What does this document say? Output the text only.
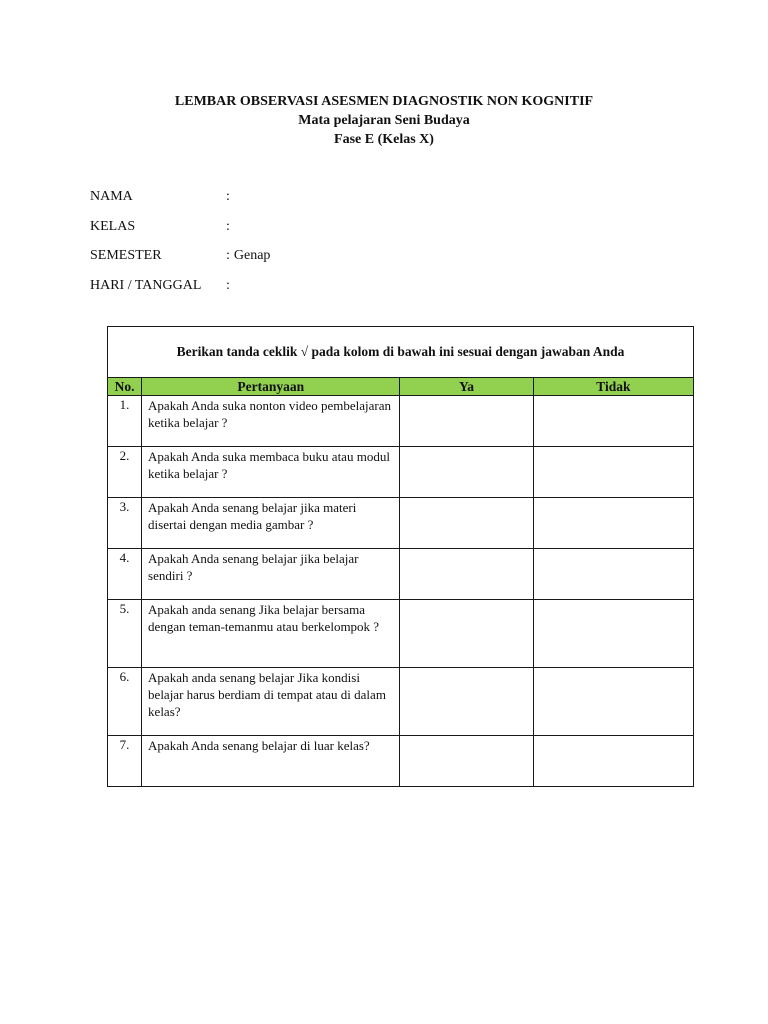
LEMBAR OBSERVASI ASESMEN DIAGNOSTIK NON KOGNITIF
Mata pelajaran Seni Budaya
Fase E (Kelas X)
NAMA	:
KELAS	:
SEMESTER	: Genap
HARI / TANGGAL	:
Berikan tanda ceklik √ pada kolom di bawah ini sesuai dengan jawaban Anda			
No.	Pertanyaan	Ya	Tidak
1.	Apakah Anda suka nonton video pembelajaran ketika belajar ?		
2.	Apakah Anda suka membaca buku atau modul ketika belajar ?		
3.	Apakah Anda senang belajar jika materi disertai dengan media gambar ?		
4.	Apakah Anda senang belajar jika belajar sendiri ?		
5.	Apakah anda senang Jika belajar bersama dengan teman-temanmu atau berkelompok ?		
6.	Apakah anda senang belajar Jika kondisi belajar harus berdiam di tempat atau di dalam kelas?		
7.	Apakah Anda senang belajar di luar kelas?		
